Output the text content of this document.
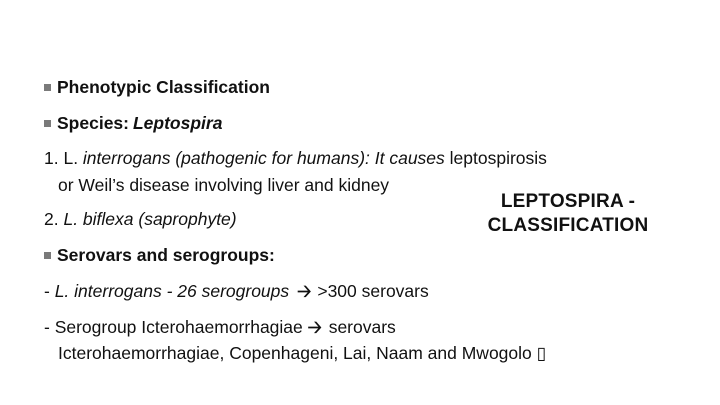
Phenotypic Classification
Species: Leptospira
1. L. interrogans (pathogenic for humans): It causes leptospirosis
or Weil’s disease involving liver and kidney
2. L. biflexa (saprophyte)
Serovars and serogroups:
- L. interrogans - 26 serogroups 🡢 >300 serovars
- Serogroup Icterohaemorrhagiae 🡢 serovars
Icterohaemorrhagiae, Copenhageni, Lai, Naam and Mwogolo ▯
LEPTOSPIRA - CLASSIFICATION
